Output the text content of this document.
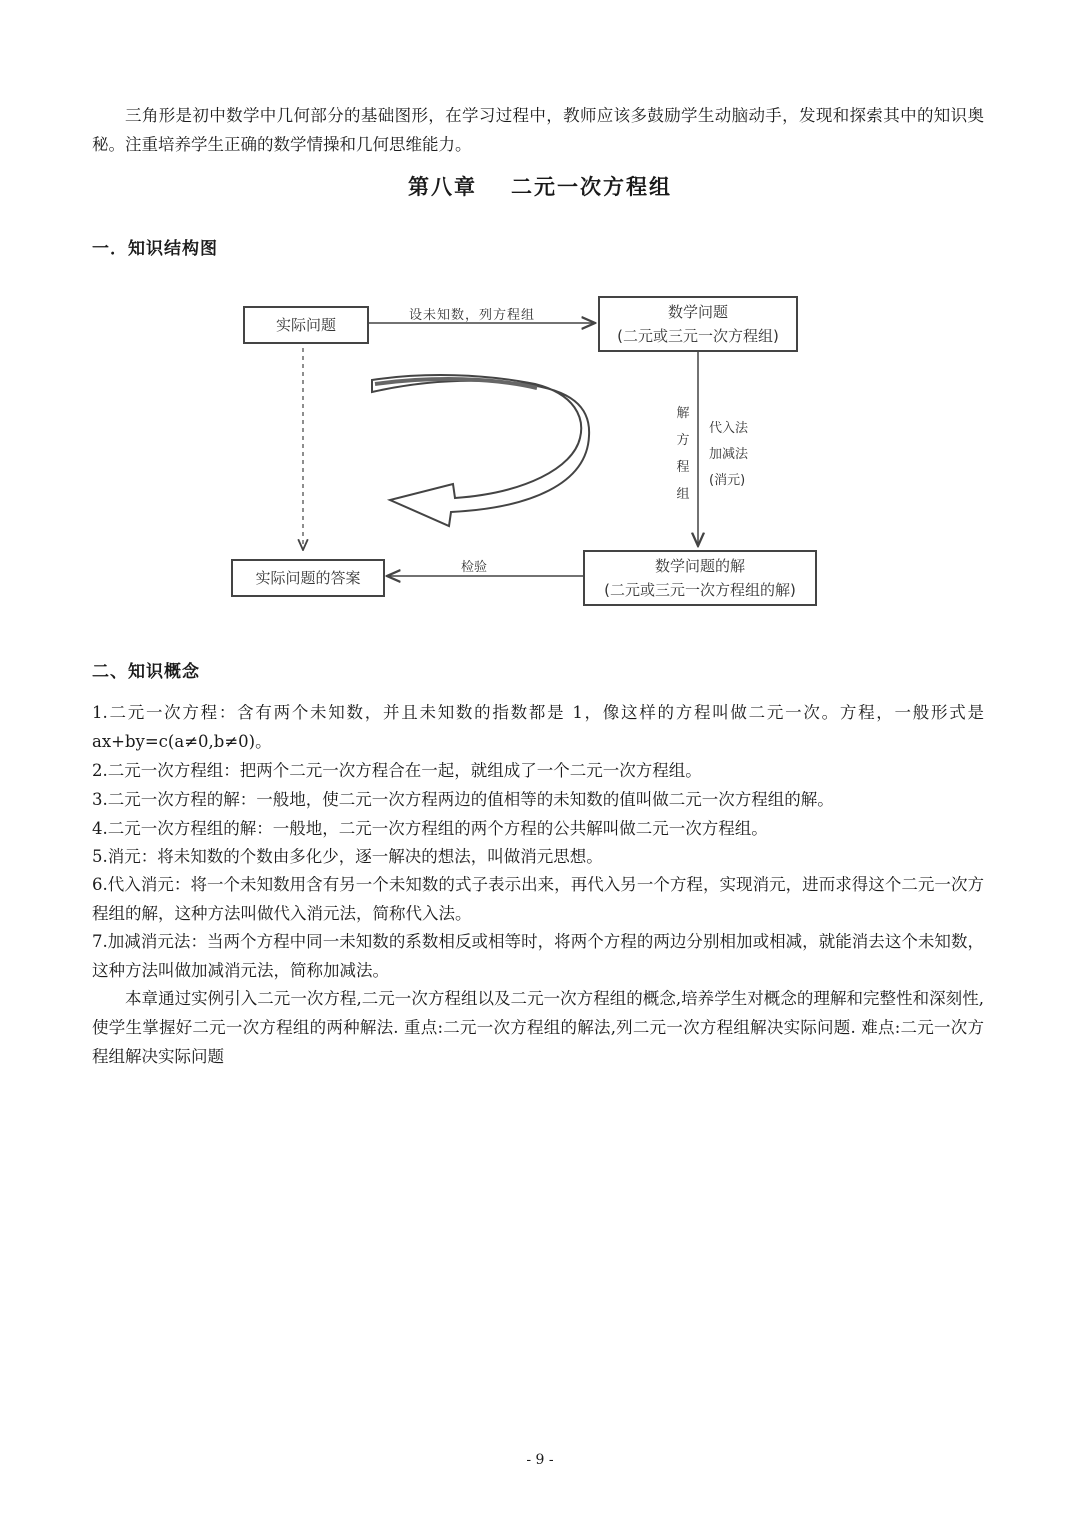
三角形是初中数学中几何部分的基础图形，在学习过程中，教师应该多鼓励学生动脑动手，发现和探索其中的知识奥秘。注重培养学生正确的数学情操和几何思维能力。

第八章 二元一次方程组
一．知识结构图
实际问题
设未知数，列方程组	数学问题
(二元或三元一次方程组)
解
方
程
组
代入法
加减法
(消元)
数学问题的解
(二元或三元一次方程组的解)
检验
实际问题的答案
二、知识概念

1.二元一次方程：含有两个未知数，并且未知数的指数都是 1，像这样的方程叫做二元一次。方程，一般形式是 ax+by=c(a≠0,b≠0)。

2.二元一次方程组：把两个二元一次方程合在一起，就组成了一个二元一次方程组。

3.二元一次方程的解：一般地，使二元一次方程两边的值相等的未知数的值叫做二元一次方程组的解。

4.二元一次方程组的解：一般地，二元一次方程组的两个方程的公共解叫做二元一次方程组。

5.消元：将未知数的个数由多化少，逐一解决的想法，叫做消元思想。

6.代入消元：将一个未知数用含有另一个未知数的式子表示出来，再代入另一个方程，实现消元，进而求得这个二元一次方程组的解，这种方法叫做代入消元法，简称代入法。

7.加减消元法：当两个方程中同一未知数的系数相反或相等时，将两个方程的两边分别相加或相减，就能消去这个未知数，这种方法叫做加减消元法，简称加减法。

本章通过实例引入二元一次方程,二元一次方程组以及二元一次方程组的概念,培养学生对概念的理解和完整性和深刻性,使学生掌握好二元一次方程组的两种解法. 重点:二元一次方程组的解法,列二元一次方程组解决实际问题. 难点:二元一次方程组解决实际问题

- 9 -
